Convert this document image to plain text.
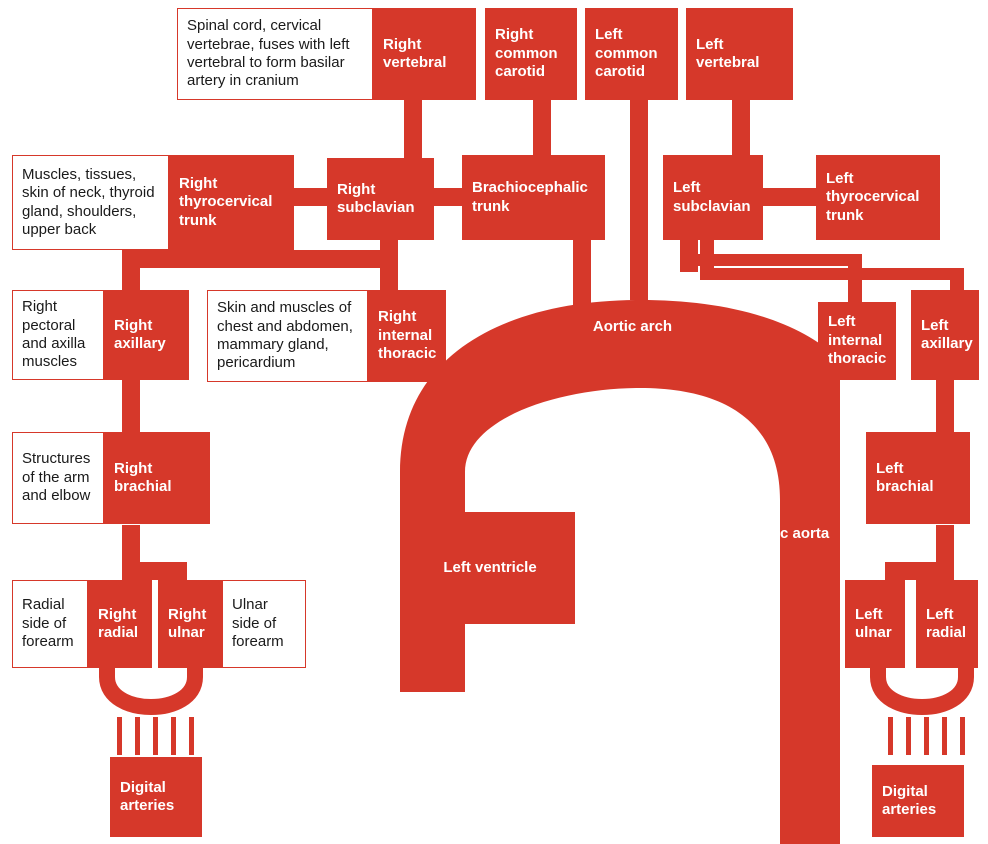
Left ventricle
Aortic arch
Thoracic aorta
Spinal cord, cervical vertebrae, fuses with left vertebral to form basilar artery in cranium
Right vertebral
Right common carotid
Left common carotid
Left vertebral
Muscles, tissues, skin of neck, thyroid gland, shoulders, upper back
Right thyrocervical trunk
Right subclavian
Brachiocephalic trunk
Left subclavian
Left thyrocervical trunk
Right pectoral and axilla muscles
Right axillary
Skin and muscles of chest and abdomen, mammary gland, pericardium
Right internal thoracic
Left internal thoracic
Left axillary
Structures of the arm and elbow
Right brachial
Left brachial
Radial side of forearm
Right radial
Right ulnar
Ulnar side of forearm
Left ulnar
Left radial
Digital arteries
Digital arteries
